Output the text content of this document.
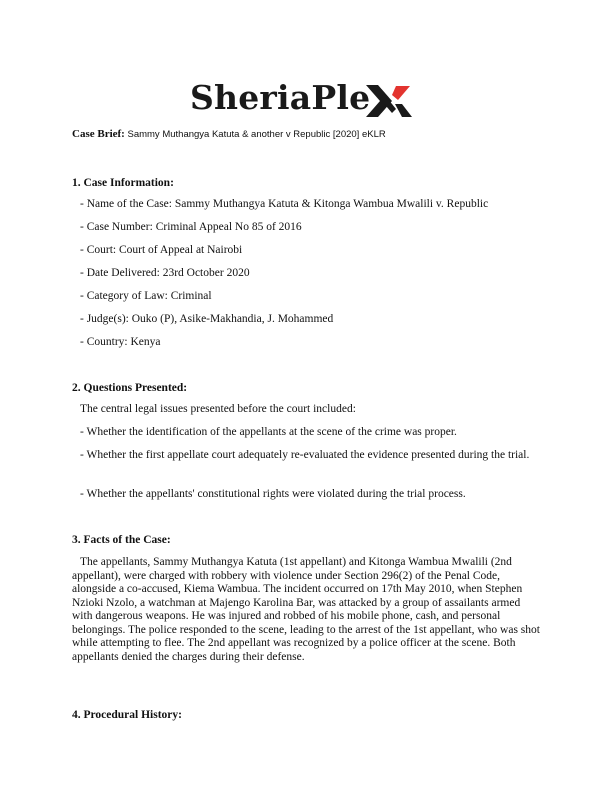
SheriaPle
Case Brief: Sammy Muthangya Katuta & another v Republic [2020] eKLR
1. Case Information:
- Name of the Case: Sammy Muthangya Katuta & Kitonga Wambua Mwalili v. Republic
- Case Number: Criminal Appeal No 85 of 2016
- Court: Court of Appeal at Nairobi
- Date Delivered: 23rd October 2020
- Category of Law: Criminal
- Judge(s): Ouko (P), Asike-Makhandia, J. Mohammed
- Country: Kenya
2. Questions Presented:
The central legal issues presented before the court included:
- Whether the identification of the appellants at the scene of the crime was proper.
- Whether the first appellate court adequately re-evaluated the evidence presented during the trial.
- Whether the appellants' constitutional rights were violated during the trial process.
3. Facts of the Case:
The appellants, Sammy Muthangya Katuta (1st appellant) and Kitonga Wambua Mwalili (2nd appellant), were charged with robbery with violence under Section 296(2) of the Penal Code, alongside a co-accused, Kiema Wambua. The incident occurred on 17th May 2010, when Stephen Nzioki Nzolo, a watchman at Majengo Karolina Bar, was attacked by a group of assailants armed with dangerous weapons. He was injured and robbed of his mobile phone, cash, and personal belongings. The police responded to the scene, leading to the arrest of the 1st appellant, who was shot while attempting to flee. The 2nd appellant was recognized by a police officer at the scene. Both appellants denied the charges during their defense.
4. Procedural History:
